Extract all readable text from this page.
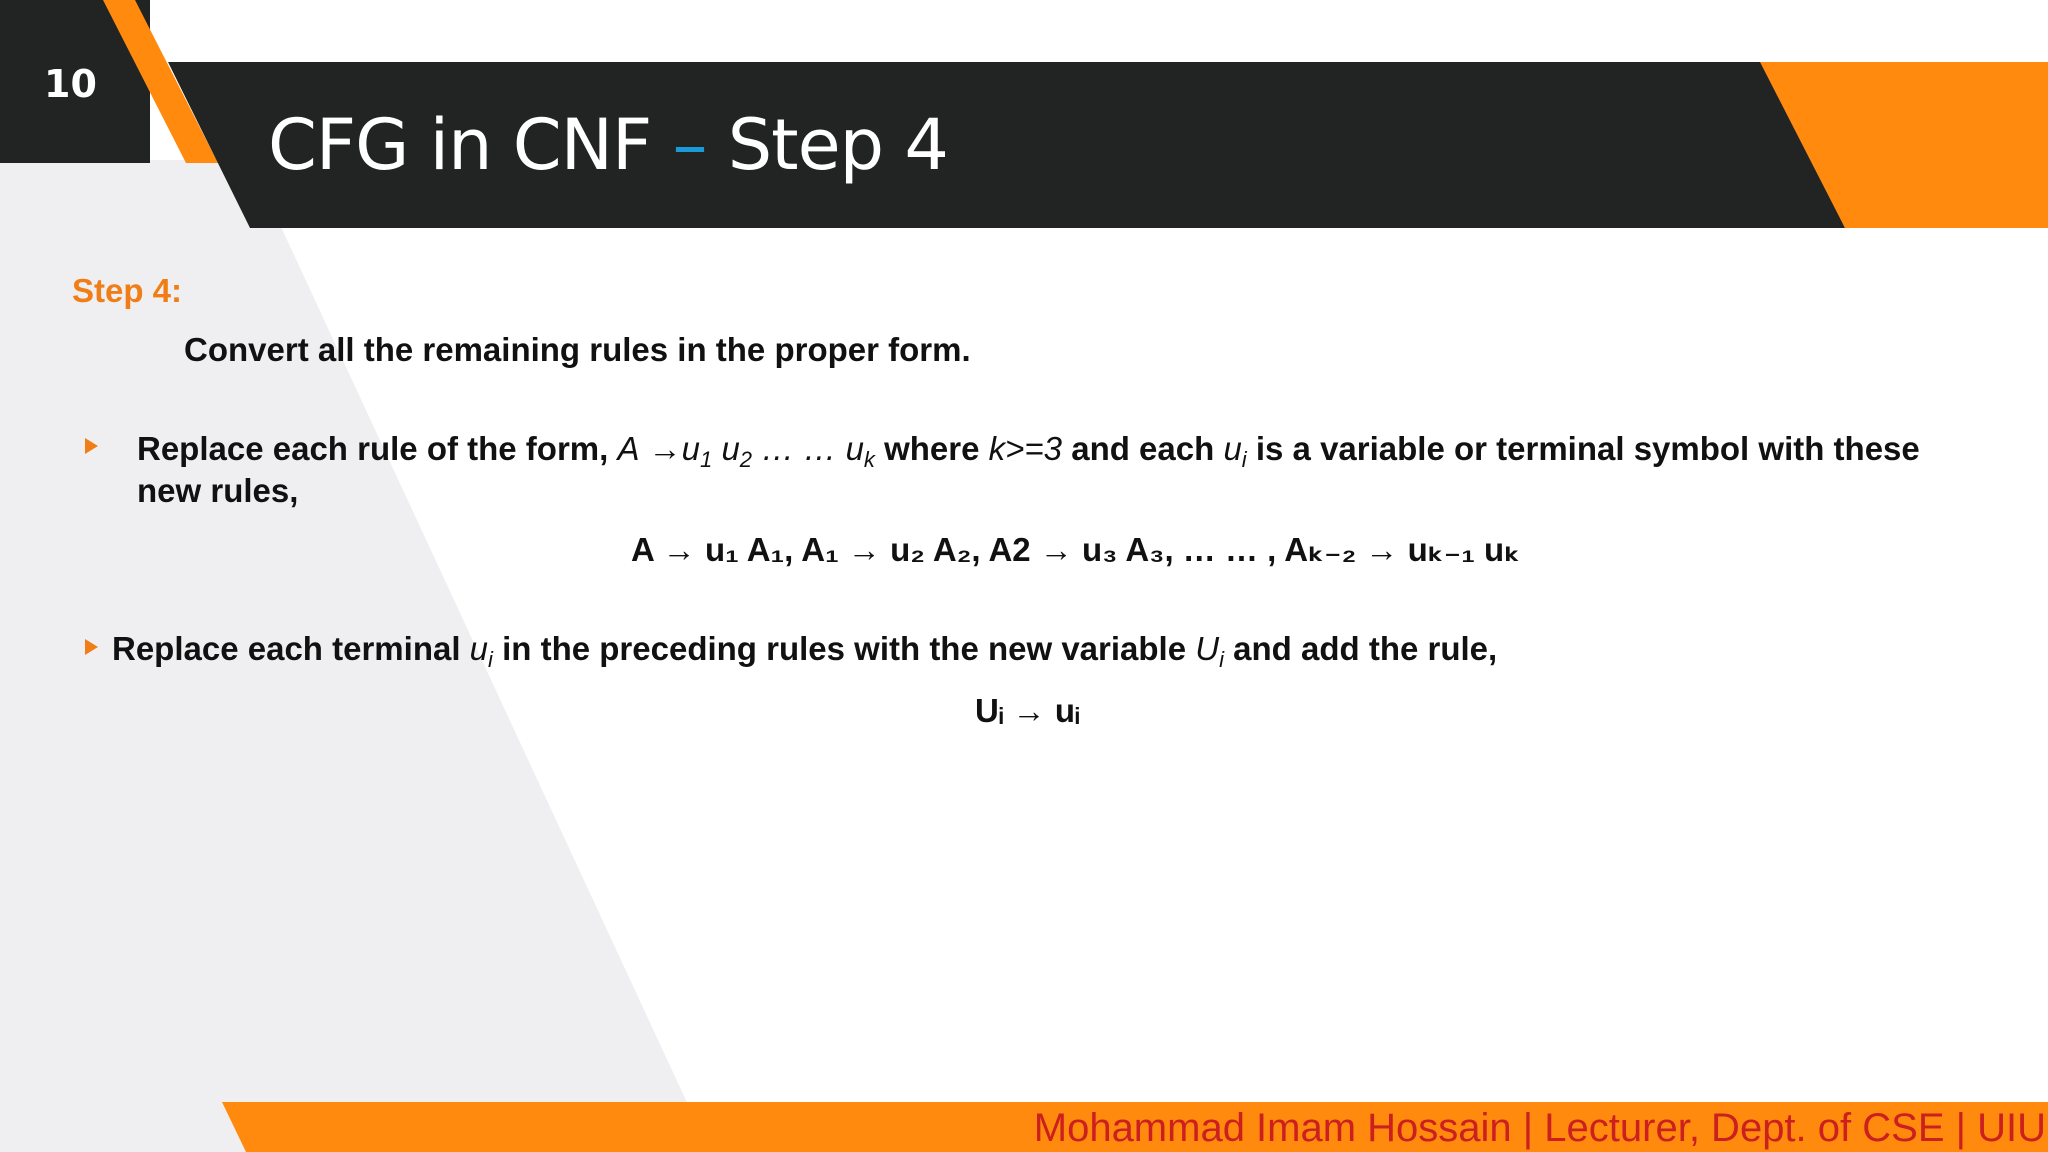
10
CFG in CNF – Step 4
Step 4:
Convert all the remaining rules in the proper form.
Replace each rule of the form, $A \to u_1$ $u_2$ … … $u_k$ where k>=3 and each $u_i$ is a variable or terminal symbol with these new rules,
A → u₁ A₁, A₁ → u₂ A₂, A2 → u₃ A₃, … … , Aₖ₋₂ → uₖ₋₁ uₖ
Replace each terminal $u_i$ in the preceding rules with the new variable $U_i$ and add the rule,
Uᵢ → uᵢ
Mohammad Imam Hossain | Lecturer, Dept. of CSE | UIU
